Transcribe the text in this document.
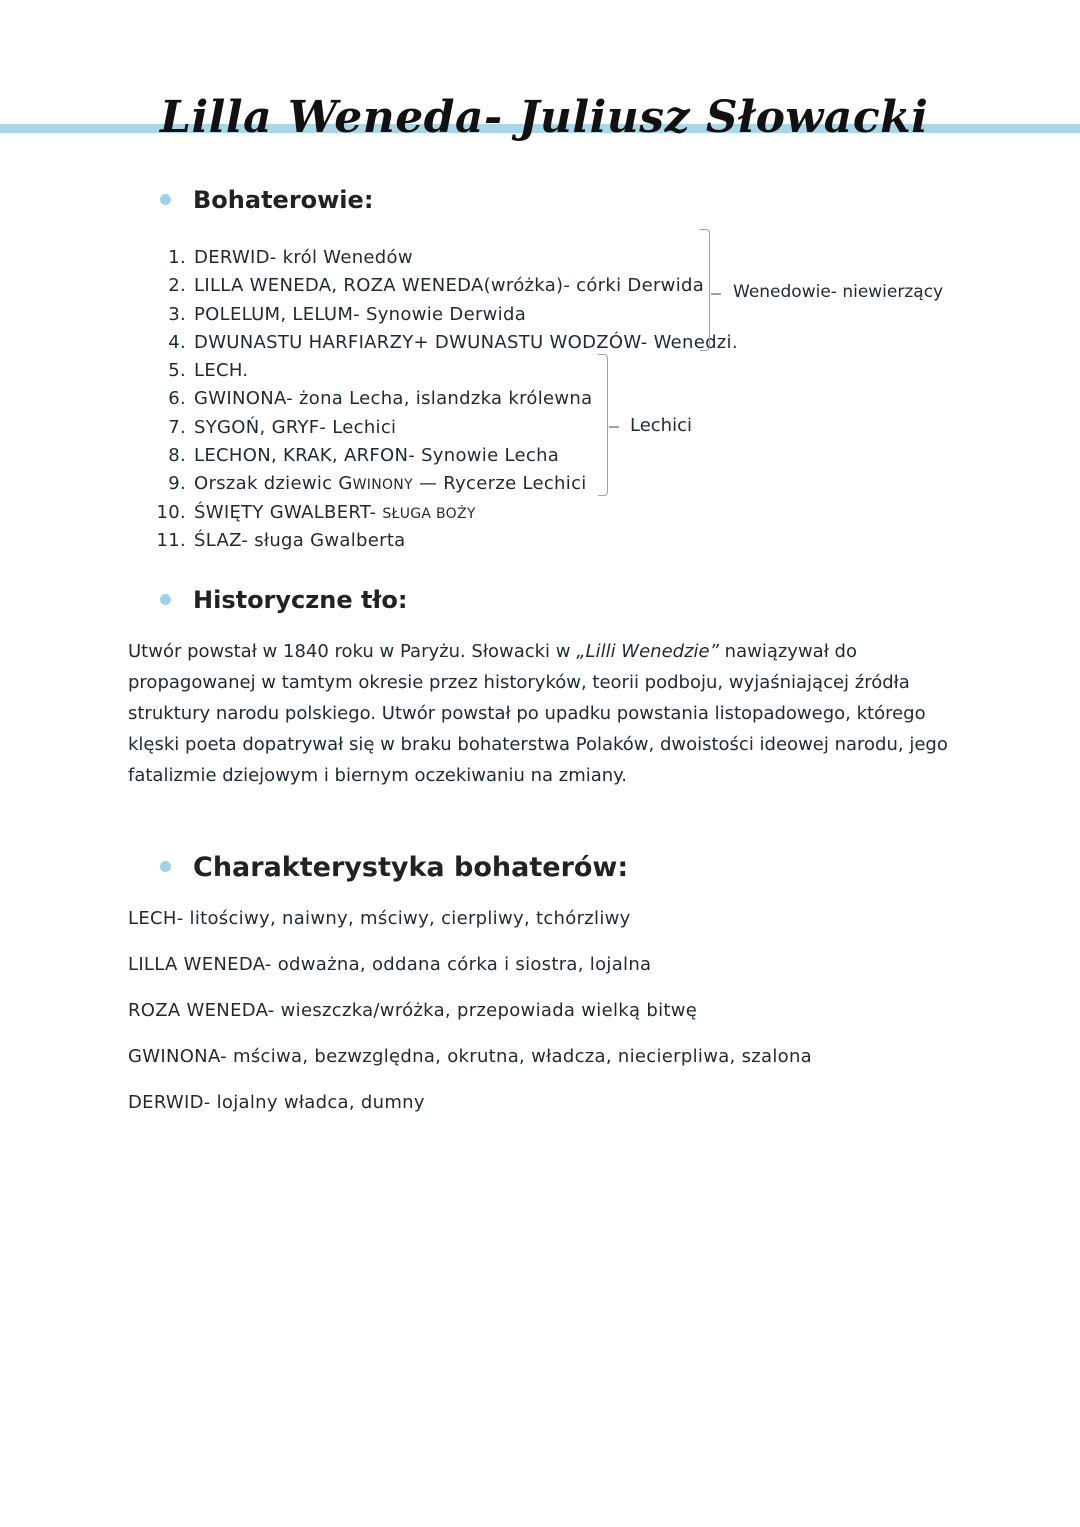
Lilla Weneda- Juliusz Słowacki
Bohaterowie:
1. DERWID- król Wenedów
2. LILLA WENEDA, ROZA WENEDA(wróżka)- córki Derwida
3. POLELUM, LELUM- Synowie Derwida
4. DWUNASTU HARFIARZY+ DWUNASTU WODZÓW- Wenedzi.
5. LECH.
6. GWINONA- żona Lecha, islandzka królewna
7. SYGOŃ, GRYF- Lechici
8. LECHON, KRAK, ARFON- Synowie Lecha
9. Orszak dziewic GWINONY — Rycerze Lechici
10. ŚWIĘTY GWALBERT- SŁUGA BOŻY
11. ŚLAZ- sługa Gwalberta
Wenedowie- niewierzący
Lechici
Historyczne tło:

Utwór powstał w 1840 roku w Paryżu. Słowacki w „Lilli Wenedzie” nawiązywał do propagowanej w tamtym okresie przez historyków, teorii podboju, wyjaśniającej źródła struktury narodu polskiego. Utwór powstał po upadku powstania listopadowego, którego klęski poeta dopatrywał się w braku bohaterstwa Polaków, dwoistości ideowej narodu, jego fatalizmie dziejowym i biernym oczekiwaniu na zmiany.

Charakterystyka bohaterów:
LECH- litościwy, naiwny, mściwy, cierpliwy, tchórzliwy
LILLA WENEDA- odważna, oddana córka i siostra, lojalna
ROZA WENEDA- wieszczka/wróżka, przepowiada wielką bitwę
GWINONA- mściwa, bezwzględna, okrutna, władcza, niecierpliwa, szalona
DERWID- lojalny władca, dumny
